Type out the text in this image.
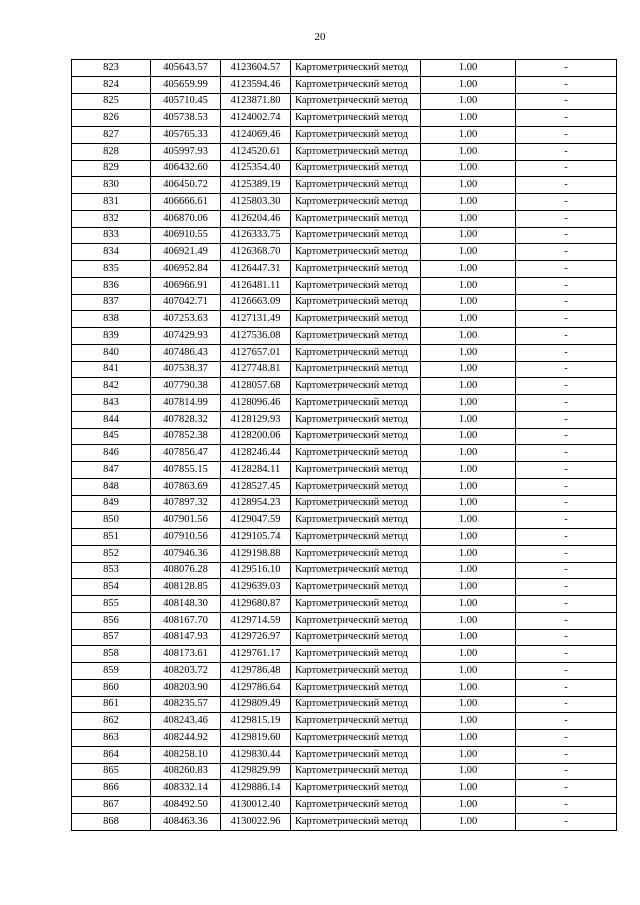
20
823	405643.57	4123604.57	Картометрический метод	1.00	-
824	405659.99	4123594.46	Картометрический метод	1.00	-
825	405710.45	4123871.80	Картометрический метод	1.00	-
826	405738.53	4124002.74	Картометрический метод	1.00	-
827	405765.33	4124069.46	Картометрический метод	1.00	-
828	405997.93	4124520.61	Картометрический метод	1.00	-
829	406432.60	4125354.40	Картометрический метод	1.00	-
830	406450.72	4125389.19	Картометрический метод	1.00	-
831	406666.61	4125803.30	Картометрический метод	1.00	-
832	406870.06	4126204.46	Картометрический метод	1.00	-
833	406910.55	4126333.75	Картометрический метод	1.00	-
834	406921.49	4126368.70	Картометрический метод	1.00	-
835	406952.84	4126447.31	Картометрический метод	1.00	-
836	406966.91	4126481.11	Картометрический метод	1.00	-
837	407042.71	4126663.09	Картометрический метод	1.00	-
838	407253.63	4127131.49	Картометрический метод	1.00	-
839	407429.93	4127536.08	Картометрический метод	1.00	-
840	407486.43	4127657.01	Картометрический метод	1.00	-
841	407538.37	4127748.81	Картометрический метод	1.00	-
842	407790.38	4128057.68	Картометрический метод	1.00	-
843	407814.99	4128096.46	Картометрический метод	1.00	-
844	407828.32	4128129.93	Картометрический метод	1.00	-
845	407852.38	4128200.06	Картометрический метод	1.00	-
846	407856.47	4128246.44	Картометрический метод	1.00	-
847	407855.15	4128284.11	Картометрический метод	1.00	-
848	407863.69	4128527.45	Картометрический метод	1.00	-
849	407897.32	4128954.23	Картометрический метод	1.00	-
850	407901.56	4129047.59	Картометрический метод	1.00	-
851	407910.56	4129105.74	Картометрический метод	1.00	-
852	407946.36	4129198.88	Картометрический метод	1.00	-
853	408076.28	4129516.10	Картометрический метод	1.00	-
854	408128.85	4129639.03	Картометрический метод	1.00	-
855	408148.30	4129680.87	Картометрический метод	1.00	-
856	408167.70	4129714.59	Картометрический метод	1.00	-
857	408147.93	4129726.97	Картометрический метод	1.00	-
858	408173.61	4129761.17	Картометрический метод	1.00	-
859	408203.72	4129786.48	Картометрический метод	1.00	-
860	408203.90	4129786.64	Картометрический метод	1.00	-
861	408235.57	4129809.49	Картометрический метод	1.00	-
862	408243.46	4129815.19	Картометрический метод	1.00	-
863	408244.92	4129819.60	Картометрический метод	1.00	-
864	408258.10	4129830.44	Картометрический метод	1.00	-
865	408260.83	4129829.99	Картометрический метод	1.00	-
866	408332.14	4129886.14	Картометрический метод	1.00	-
867	408492.50	4130012.40	Картометрический метод	1.00	-
868	408463.36	4130022.96	Картометрический метод	1.00	-
